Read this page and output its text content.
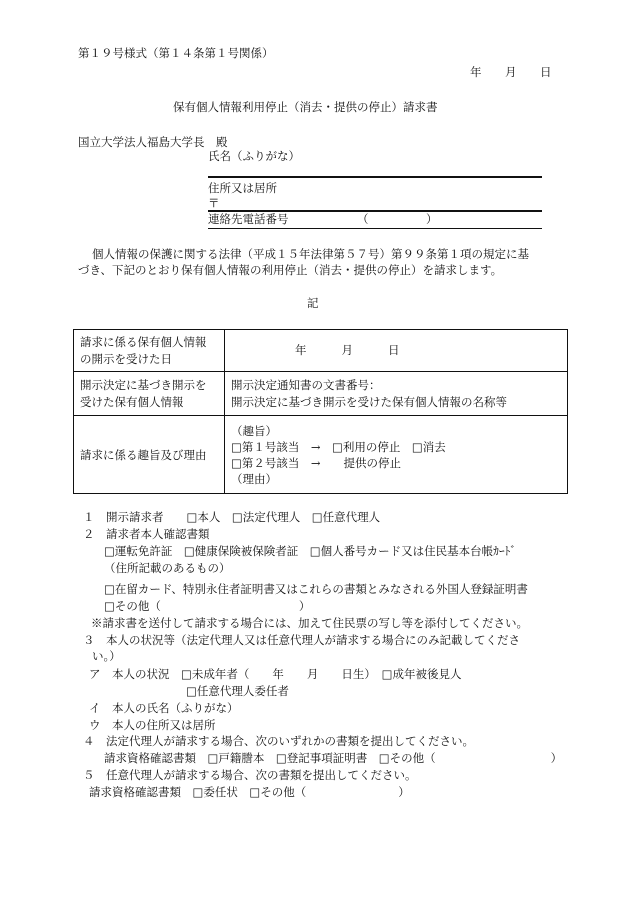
第１９号様式（第１４条第１号関係）
年　月　日
保有個人情報利用停止（消去・提供の停止）請求書
国立大学法人福島大学長　殿
氏名（ふりがな）
住所又は居所
〒
連絡先電話番号	（　　　　　）
個人情報の保護に関する法律（平成１５年法律第５７号）第９９条第１項の規定に基
づき、下記のとおり保有個人情報の利用停止（消去・提供の停止）を請求します。
記
請求に係る保有個人情報
の開示を受けた日	年　　月　　日
開示決定に基づき開示を
受けた保有個人情報	開示決定通知書の文書番号：
開示決定に基づき開示を受けた保有個人情報の名称等
請求に係る趣旨及び理由	（趣旨）
□第１号該当　→　□利用の停止　□消去
□第２号該当　→　　提供の停止
（理由）
１　開示請求者　　□本人　□法定代理人　□任意代理人
２　請求者本人確認書類
□運転免許証　□健康保険被保険者証　□個人番号カード又は住民基本台帳ｶｰﾄﾞ
（住所記載のあるもの）
□在留カード、特別永住者証明書又はこれらの書類とみなされる外国人登録証明書
□その他（　　　　　　　　　　　　）
※請求書を送付して請求する場合には、加えて住民票の写し等を添付してください。
３　本人の状況等（法定代理人又は任意代理人が請求する場合にのみ記載してくださ
い。）
ア　本人の状況　□未成年者（　　年　　月　　日生）　□成年被後見人
□任意代理人委任者
イ　本人の氏名（ふりがな）
ウ　本人の住所又は居所
４　法定代理人が請求する場合、次のいずれかの書類を提出してください。
請求資格確認書類　□戸籍謄本　□登記事項証明書　□その他（　　　　　　　　　　）
５　任意代理人が請求する場合、次の書類を提出してください。
請求資格確認書類　□委任状　□その他（　　　　　　　　）
